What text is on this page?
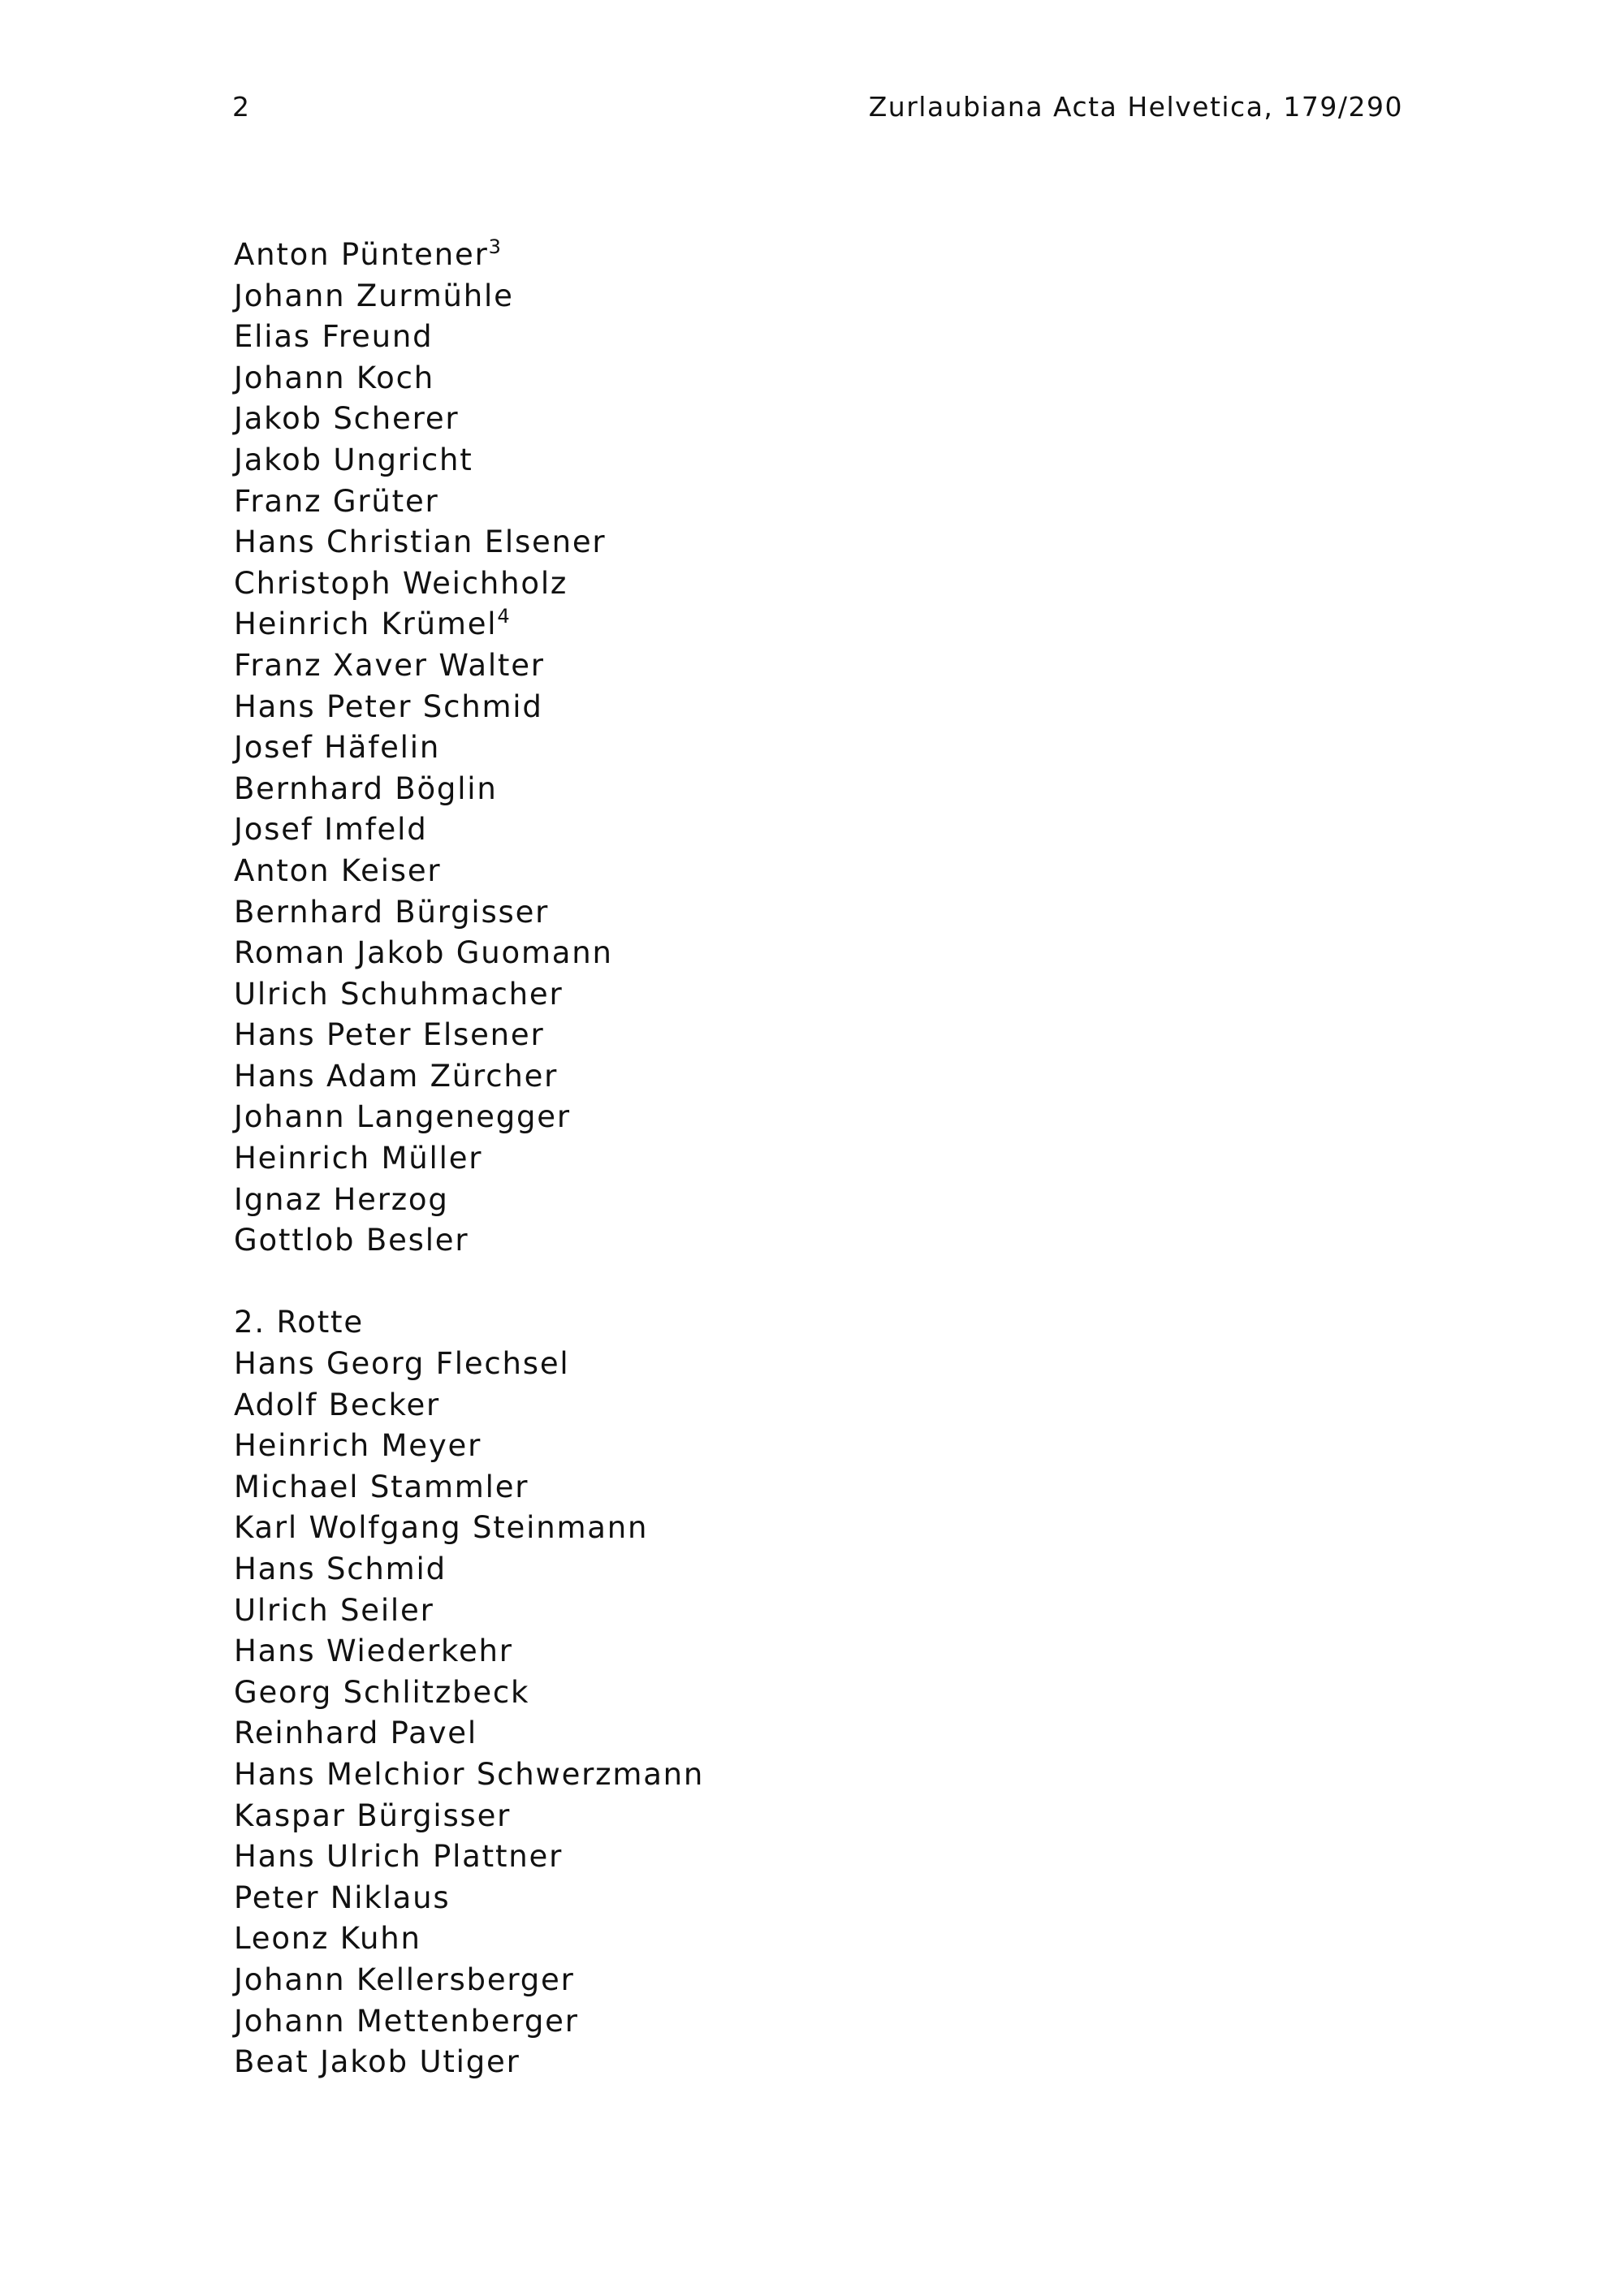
2	Zurlaubiana Acta Helvetica, 179/290
Anton Püntener$^3$
Johann Zurmühle
Elias Freund
Johann Koch
Jakob Scherer
Jakob Ungricht
Franz Grüter
Hans Christian Elsener
Christoph Weichholz
Heinrich Krümel$^4$
Franz Xaver Walter
Hans Peter Schmid
Josef Häfelin
Bernhard Böglin
Josef Imfeld
Anton Keiser
Bernhard Bürgisser
Roman Jakob Guomann
Ulrich Schuhmacher
Hans Peter Elsener
Hans Adam Zürcher
Johann Langenegger
Heinrich Müller
Ignaz Herzog
Gottlob Besler
2. Rotte
Hans Georg Flechsel
Adolf Becker
Heinrich Meyer
Michael Stammler
Karl Wolfgang Steinmann
Hans Schmid
Ulrich Seiler
Hans Wiederkehr
Georg Schlitzbeck
Reinhard Pavel
Hans Melchior Schwerzmann
Kaspar Bürgisser
Hans Ulrich Plattner
Peter Niklaus
Leonz Kuhn
Johann Kellersberger
Johann Mettenberger
Beat Jakob Utiger
